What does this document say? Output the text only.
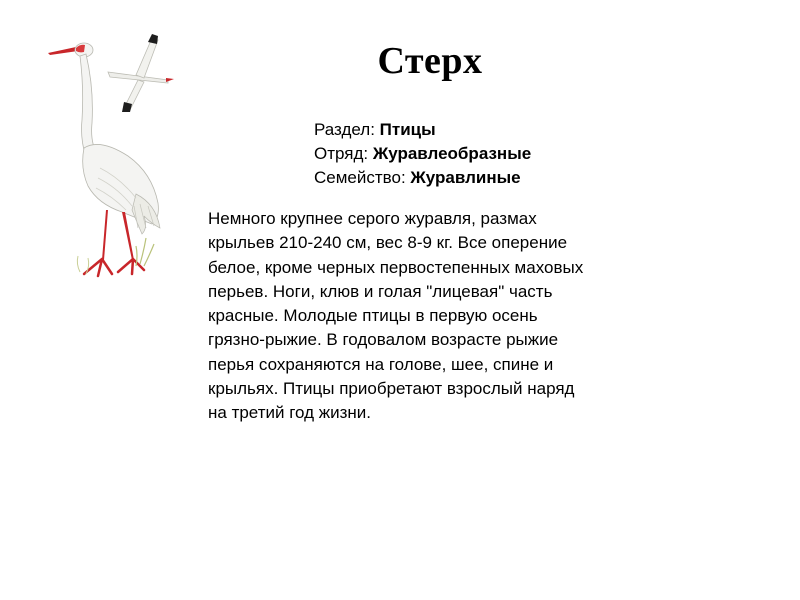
Стерх
Раздел: Птицы
Отряд: Журавлеобразные
Семейство: Журавлиные
Немного крупнее серого журавля, размах
крыльев 210-240 см, вес 8-9 кг. Все оперение
белое, кроме черных первостепенных маховых
перьев. Ноги, клюв и голая "лицевая" часть
красные. Молодые птицы в первую осень
грязно-рыжие. В годовалом возрасте рыжие
перья сохраняются на голове, шее, спине и
крыльях. Птицы приобретают взрослый наряд
на третий год жизни.
